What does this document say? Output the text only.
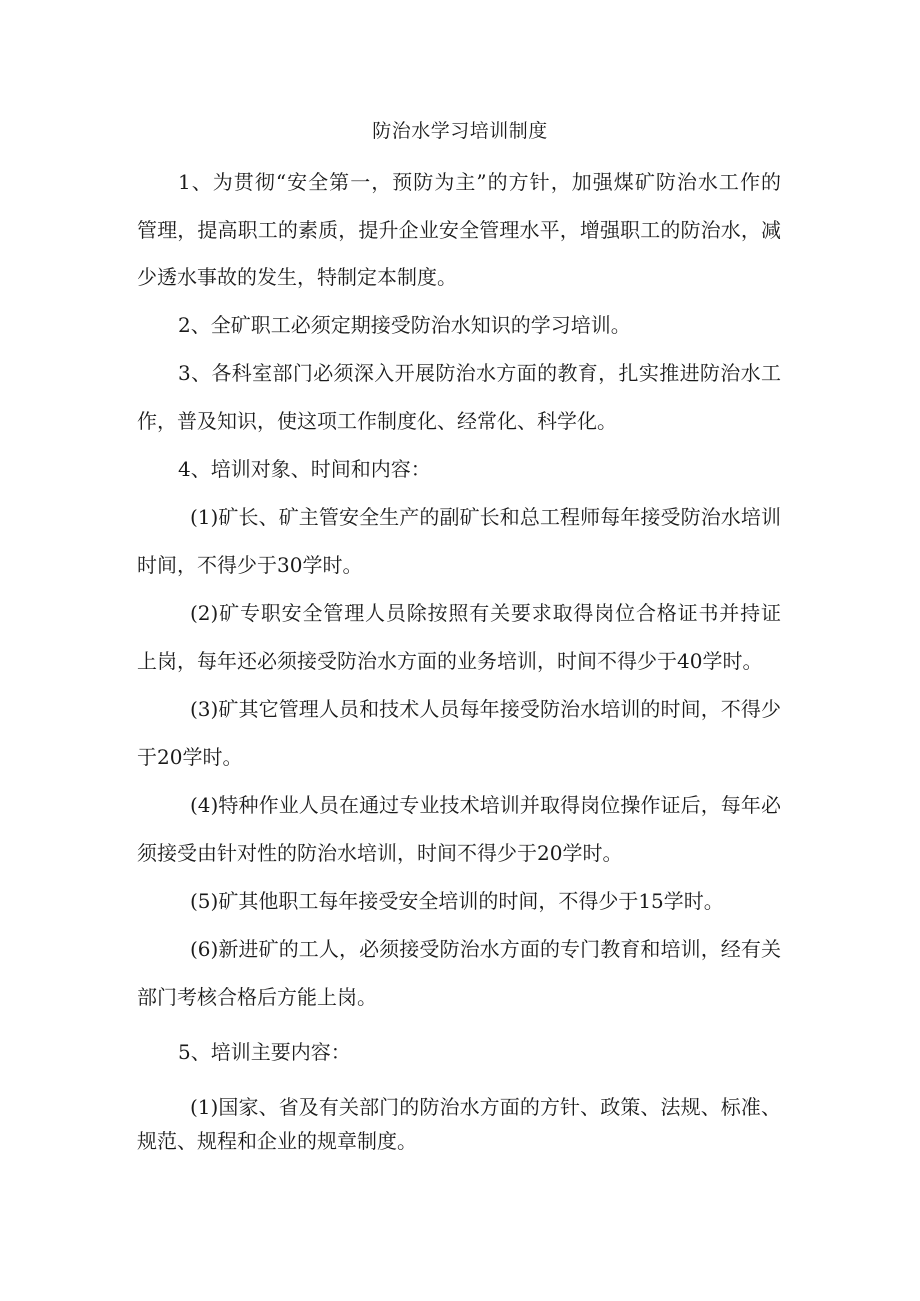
防治水学习培训制度
1、为贯彻“安全第一，预防为主”的方针，加强煤矿防治水工作的
管理，提高职工的素质，提升企业安全管理水平，增强职工的防治水，减
少透水事故的发生，特制定本制度。
2、全矿职工必须定期接受防治水知识的学习培训。
3、各科室部门必须深入开展防治水方面的教育，扎实推进防治水工
作，普及知识，使这项工作制度化、经常化、科学化。
4、培训对象、时间和内容：
(1)矿长、矿主管安全生产的副矿长和总工程师每年接受防治水培训
时间，不得少于30学时。
(2)矿专职安全管理人员除按照有关要求取得岗位合格证书并持证
上岗，每年还必须接受防治水方面的业务培训，时间不得少于40学时。
(3)矿其它管理人员和技术人员每年接受防治水培训的时间，不得少
于20学时。
(4)特种作业人员在通过专业技术培训并取得岗位操作证后，每年必
须接受由针对性的防治水培训，时间不得少于20学时。
(5)矿其他职工每年接受安全培训的时间，不得少于15学时。
(6)新进矿的工人，必须接受防治水方面的专门教育和培训，经有关
部门考核合格后方能上岗。
5、培训主要内容：
(1)国家、省及有关部门的防治水方面的方针、政策、法规、标准、
规范、规程和企业的规章制度。
